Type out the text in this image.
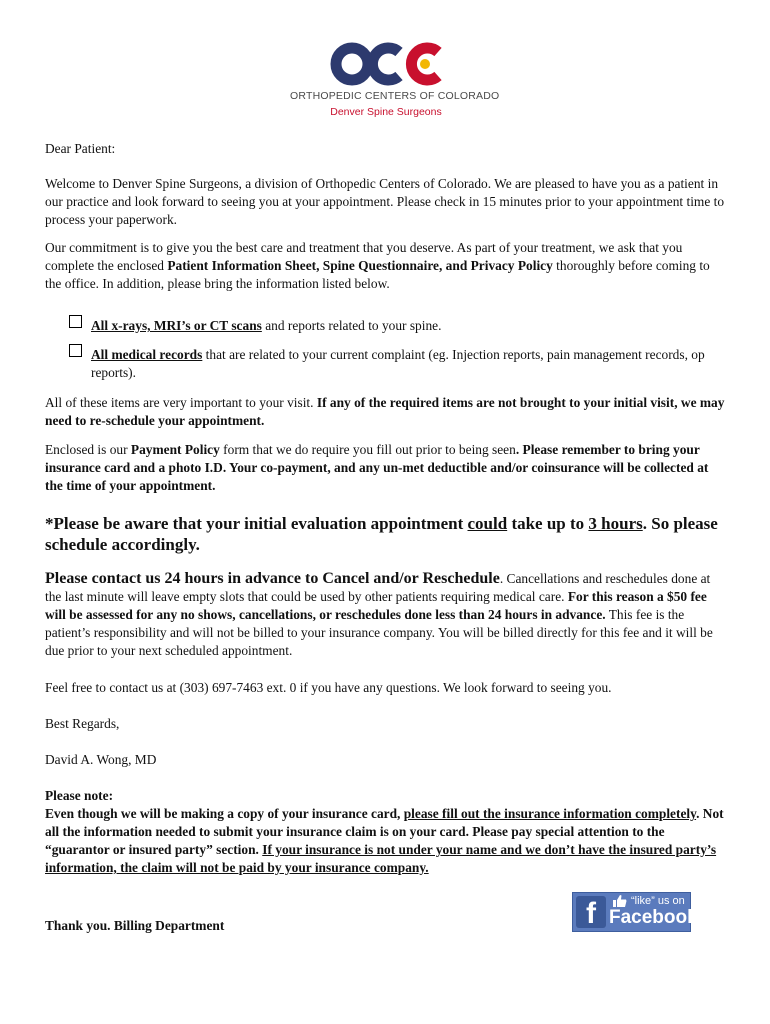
ORTHOPEDIC CENTERS OF COLORADO
Denver Spine Surgeons
Dear Patient:
Welcome to Denver Spine Surgeons, a division of Orthopedic Centers of Colorado. We are pleased to have you as a patient in our practice and look forward to seeing you at your appointment. Please check in 15 minutes prior to your appointment time to process your paperwork.
Our commitment is to give you the best care and treatment that you deserve. As part of your treatment, we ask that you complete the enclosed Patient Information Sheet, Spine Questionnaire, and Privacy Policy thoroughly before coming to the office. In addition, please bring the information listed below.
All x-rays, MRI’s or CT scans and reports related to your spine.
All medical records that are related to your current complaint (eg. Injection reports, pain management records, op reports).
All of these items are very important to your visit. If any of the required items are not brought to your initial visit, we may need to re-schedule your appointment.
Enclosed is our Payment Policy form that we do require you fill out prior to being seen. Please remember to bring your insurance card and a photo I.D. Your co-payment, and any un-met deductible and/or coinsurance will be collected at the time of your appointment.
*Please be aware that your initial evaluation appointment could take up to 3 hours. So please schedule accordingly.
Please contact us 24 hours in advance to Cancel and/or Reschedule. Cancellations and reschedules done at the last minute will leave empty slots that could be used by other patients requiring medical care. For this reason a $50 fee will be assessed for any no shows, cancellations, or reschedules done less than 24 hours in advance. This fee is the patient’s responsibility and will not be billed to your insurance company. You will be billed directly for this fee and it will be due prior to your next scheduled appointment.
Feel free to contact us at (303) 697-7463 ext. 0 if you have any questions. We look forward to seeing you.
Best Regards,
David A. Wong, MD
Please note:
Even though we will be making a copy of your insurance card, please fill out the insurance information completely. Not all the information needed to submit your insurance claim is on your card. Please pay special attention to the “guarantor or insured party” section. If your insurance is not under your name and we don’t have the insured party’s information, the claim will not be paid by your insurance company.
Thank you. Billing Department	f	“like” us on
Facebook
